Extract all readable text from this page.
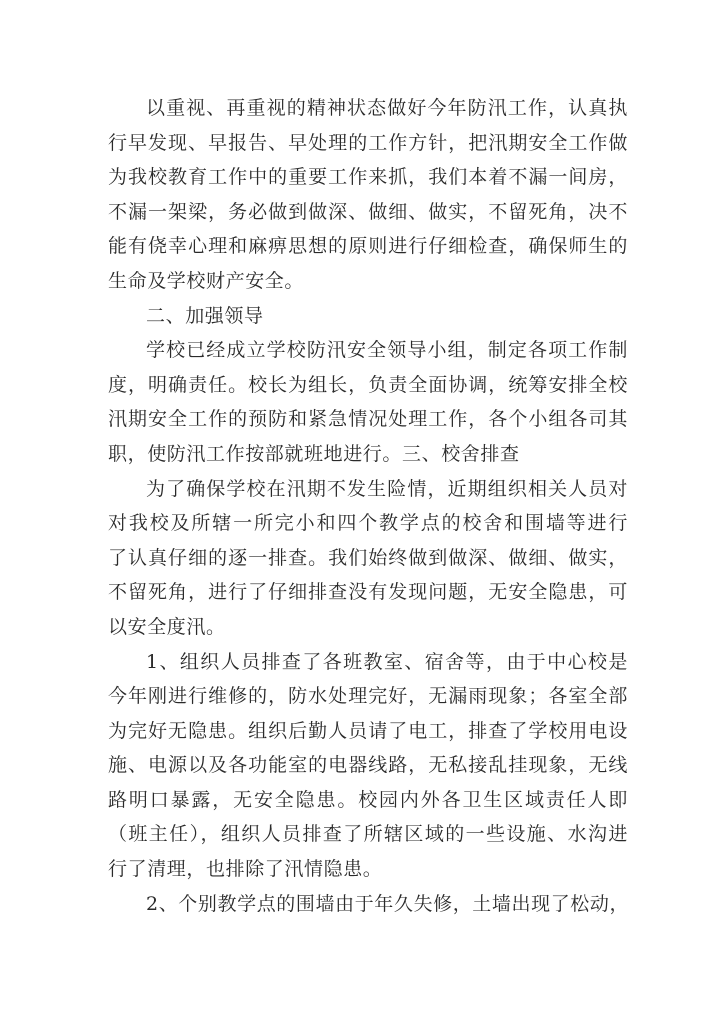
以重视、再重视的精神状态做好今年防汛工作，认真执
行早发现、早报告、早处理的工作方针，把汛期安全工作做
为我校教育工作中的重要工作来抓，我们本着不漏一间房，
不漏一架梁，务必做到做深、做细、做实，不留死角，决不
能有侥幸心理和麻痹思想的原则进行仔细检查，确保师生的
生命及学校财产安全。
二、加强领导
学校已经成立学校防汛安全领导小组，制定各项工作制
度，明确责任。校长为组长，负责全面协调，统筹安排全校
汛期安全工作的预防和紧急情况处理工作，各个小组各司其
职，使防汛工作按部就班地进行。三、校舍排查
为了确保学校在汛期不发生险情，近期组织相关人员对
对我校及所辖一所完小和四个教学点的校舍和围墙等进行
了认真仔细的逐一排查。我们始终做到做深、做细、做实，
不留死角，进行了仔细排查没有发现问题，无安全隐患，可
以安全度汛。
1、组织人员排查了各班教室、宿舍等，由于中心校是
今年刚进行维修的，防水处理完好，无漏雨现象；各室全部
为完好无隐患。组织后勤人员请了电工，排查了学校用电设
施、电源以及各功能室的电器线路，无私接乱挂现象，无线
路明口暴露，无安全隐患。校园内外各卫生区域责任人即
（班主任），组织人员排查了所辖区域的一些设施、水沟进
行了清理，也排除了汛情隐患。
2、个别教学点的围墙由于年久失修，土墙出现了松动，
